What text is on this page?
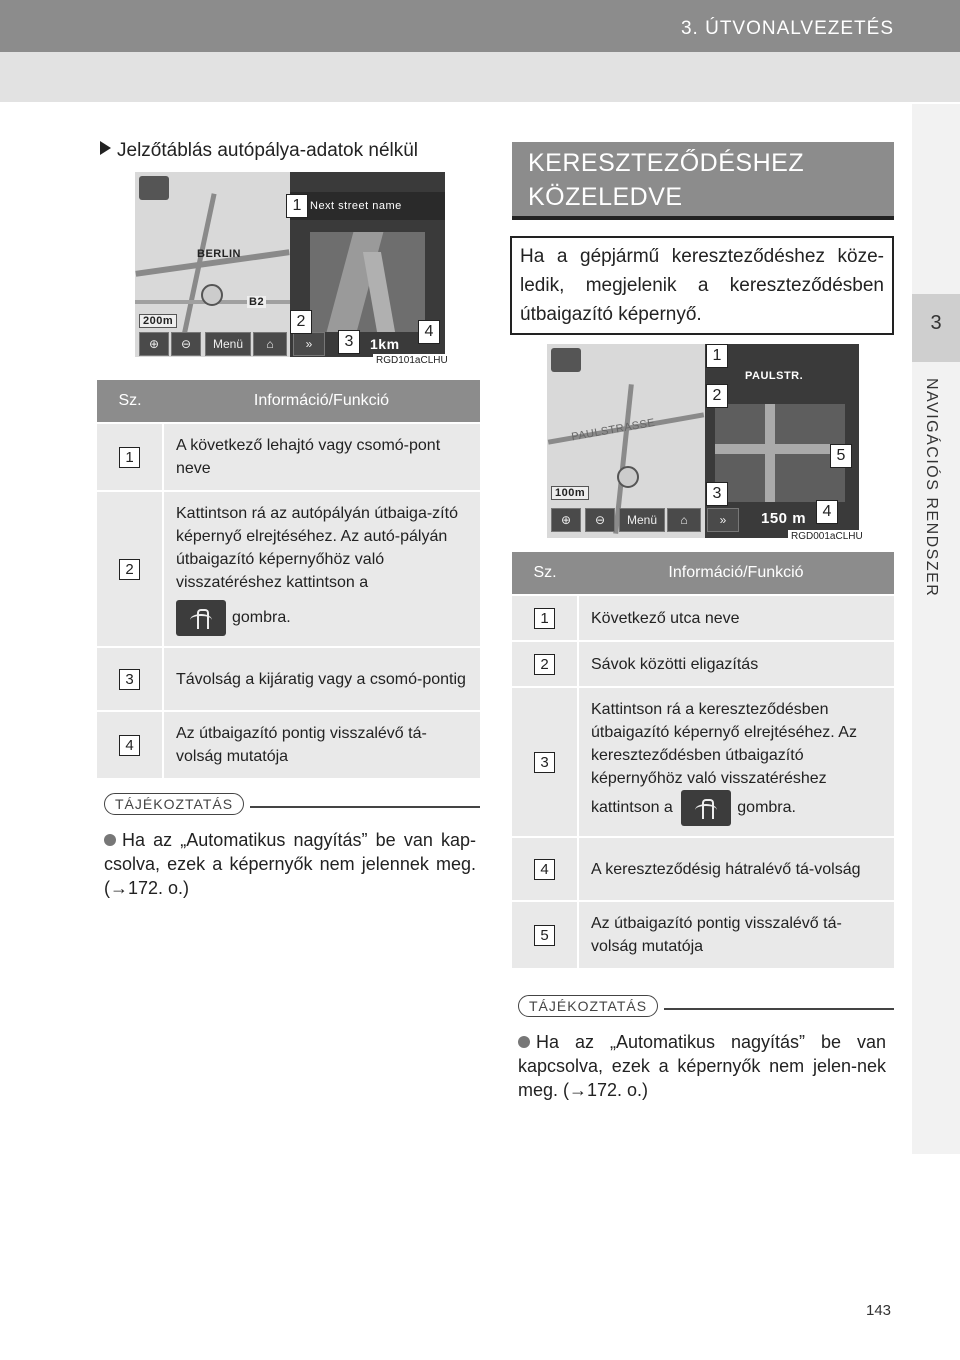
3. ÚTVONALVEZETÉS
3
NAVIGÁCIÓS RENDSZER
Jelzőtáblás autópálya-adatok nélkül
BERLIN
B2
200m
Next street name
1km
⊕	⊖	Menü	⌂	»
RGD101aCLHU
1
2
3
4
Sz.	Információ/Funkció
1	A következő lehajtó vagy csomó-pont neve
2	Kattintson rá az autópályán útbaiga-zító képernyő elrejtéséhez. Az autó-pályán útbaigazító képernyőhöz való visszatéréshez kattintson a
gombra.
3	Távolság a kijáratig vagy a csomó-pontig
4	Az útbaigazító pontig visszalévő tá-volság mutatója
TÁJÉKOZTATÁS
Ha az „Automatikus nagyítás” be van kap-csolva, ezek a képernyők nem jelennek meg. (→172. o.)
KERESZTEZŐDÉSHEZ
KÖZELEDVE
Ha a gépjármű kereszteződéshez köze-ledik, megjelenik a kereszteződésben útbaigazító képernyő.
PAULSTRASSE
100m
PAULSTR.
150 m
⊕	⊖	Menü	⌂	»
RGD001aCLHU
1
2
3
4
5
Sz.	Információ/Funkció
1	Következő utca neve
2	Sávok közötti eligazítás
3	Kattintson rá a kereszteződésben útbaigazító képernyő elrejtéséhez. Az kereszteződésben útbaigazító képernyőhöz való visszatéréshez kattintson a gombra.
4	A kereszteződésig hátralévő tá-volság
5	Az útbaigazító pontig visszalévő tá-volság mutatója
TÁJÉKOZTATÁS
Ha az „Automatikus nagyítás” be van kapcsolva, ezek a képernyők nem jelen-nek meg. (→172. o.)
143
